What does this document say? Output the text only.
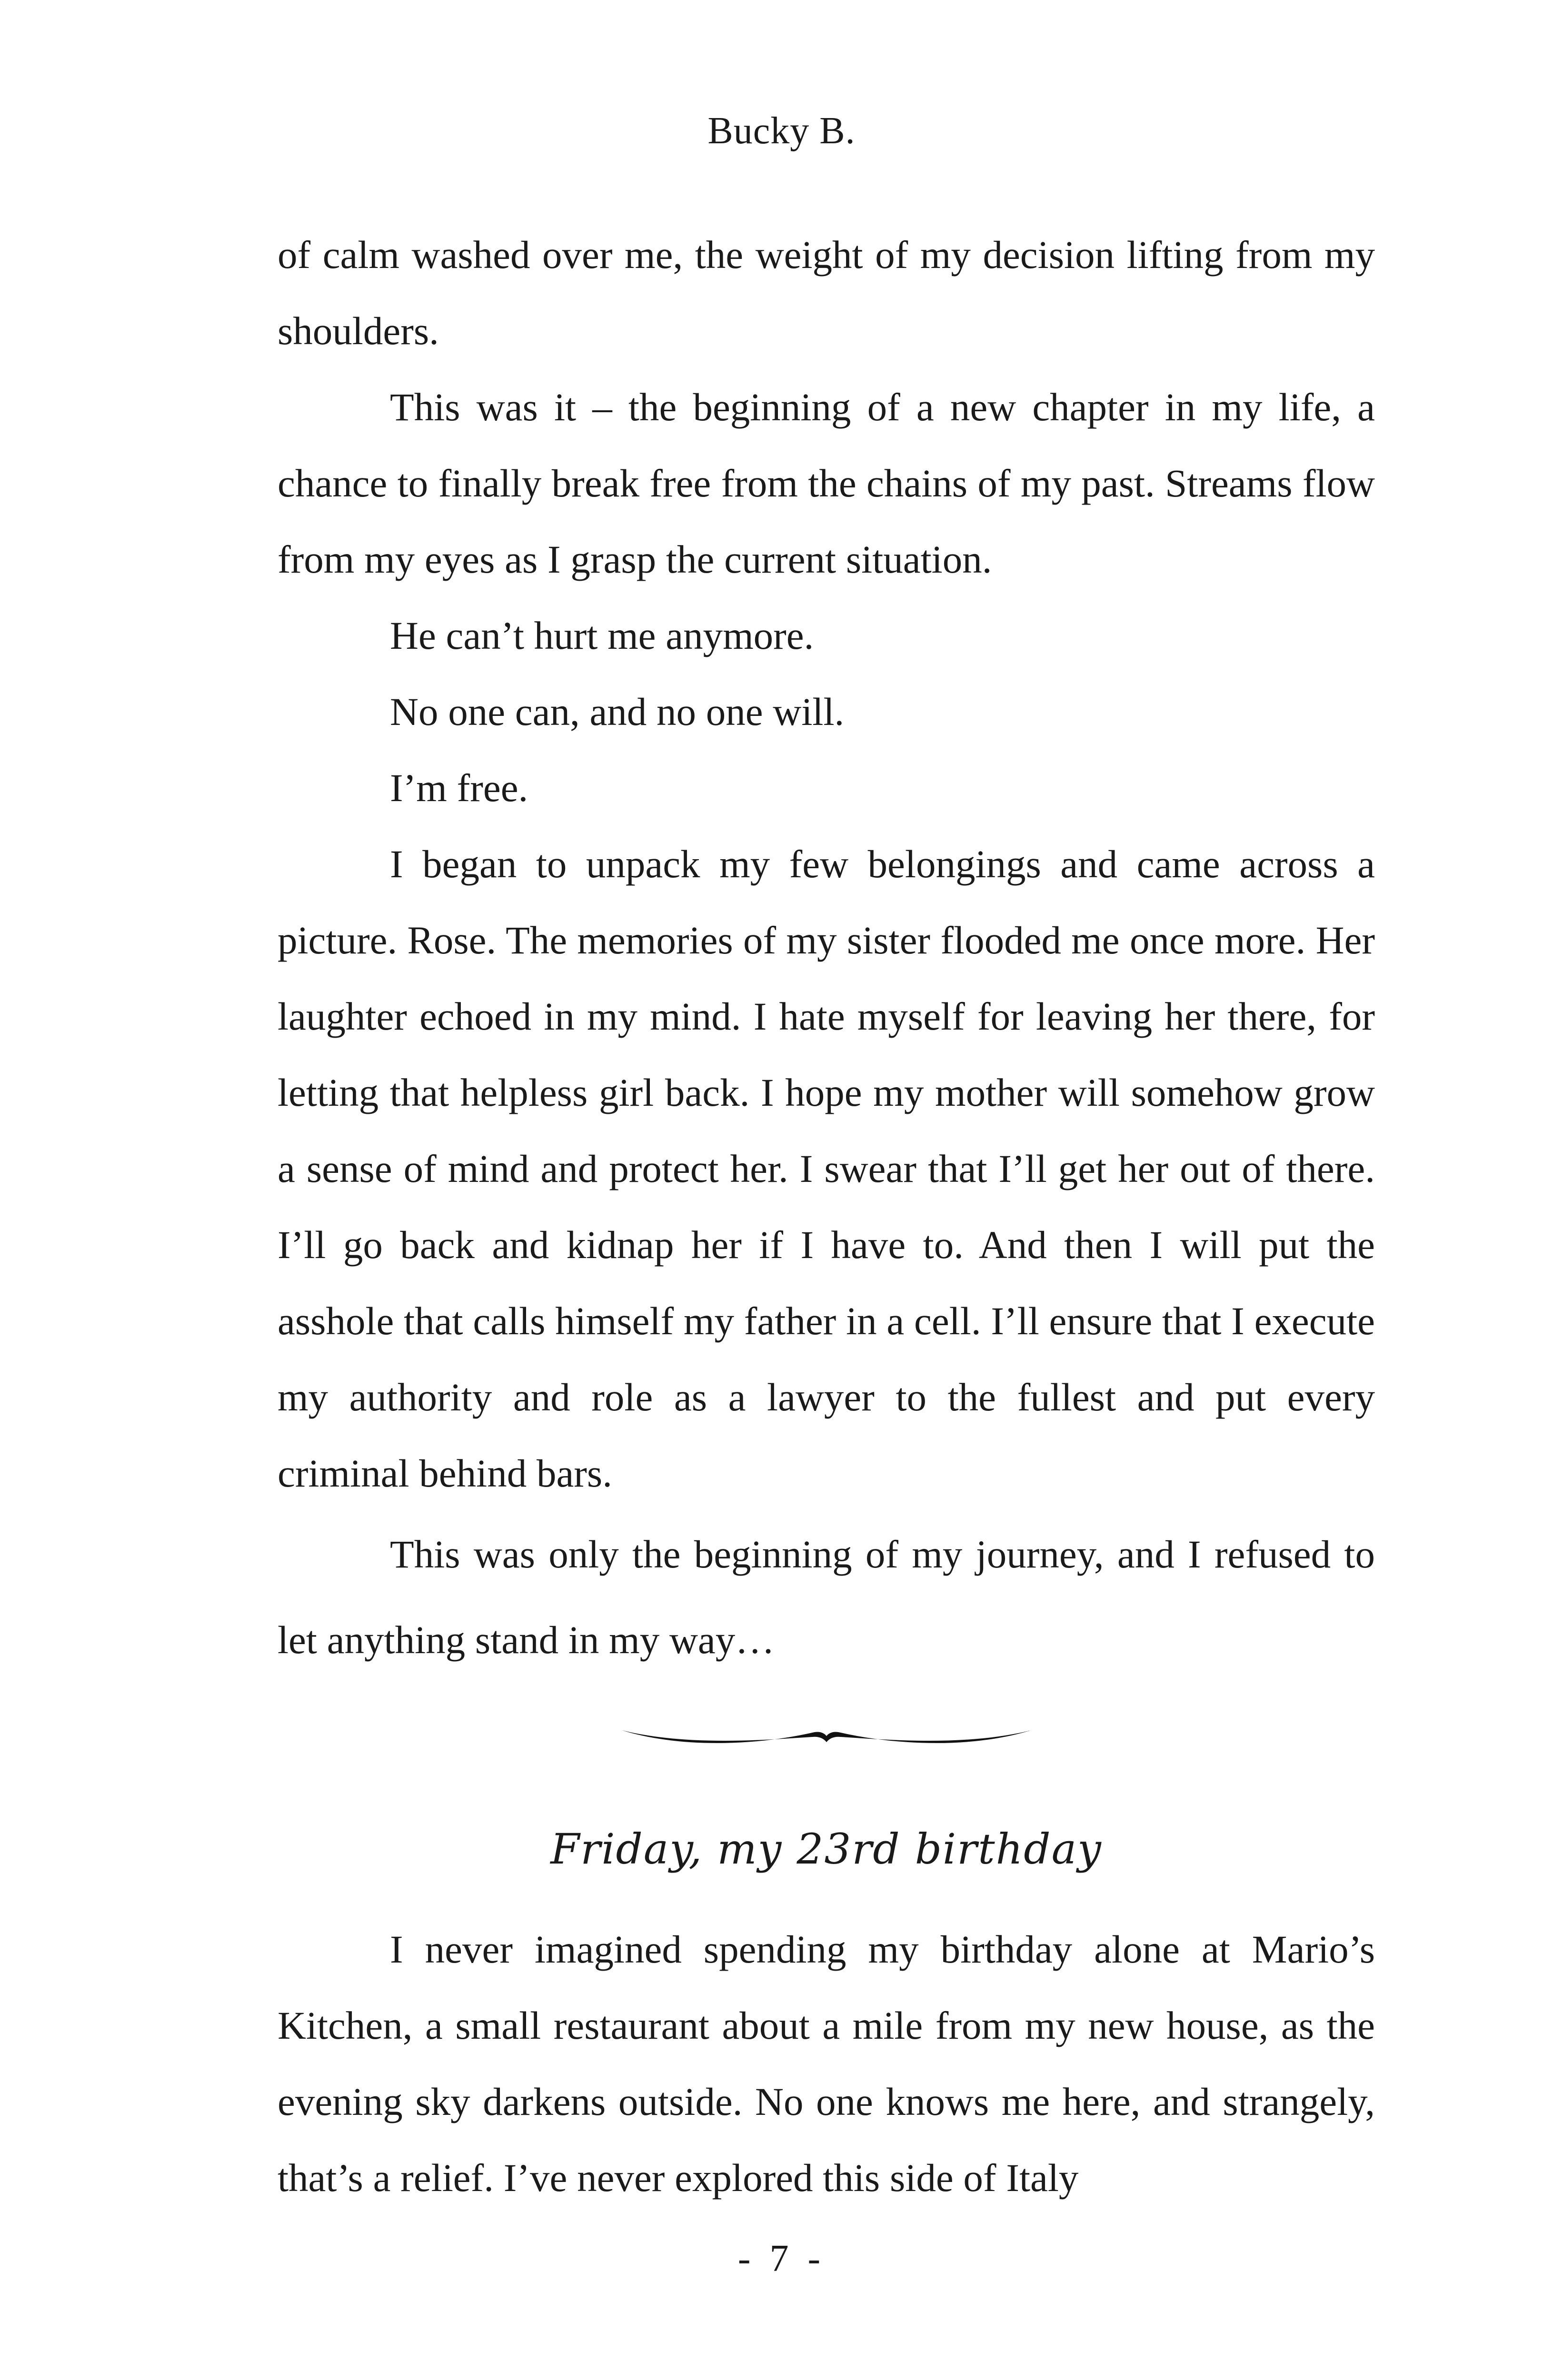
Bucky B.

of calm washed over me, the weight of my decision lifting from my shoulders.

This was it – the beginning of a new chapter in my life, a chance to finally break free from the chains of my past. Streams flow from my eyes as I grasp the current situation.

He can’t hurt me anymore.

No one can, and no one will.

I’m free.

I began to unpack my few belongings and came across a picture. Rose. The memories of my sister flooded me once more. Her laughter echoed in my mind. I hate myself for leaving her there, for letting that helpless girl back. I hope my mother will somehow grow a sense of mind and protect her. I swear that I’ll get her out of there. I’ll go back and kidnap her if I have to. And then I will put the asshole that calls himself my father in a cell. I’ll ensure that I execute my authority and role as a lawyer to the fullest and put every criminal behind bars.

This was only the beginning of my journey, and I refused to let anything stand in my way…

Friday, my 23rd birthday

I never imagined spending my birthday alone at Mario’s Kitchen, a small restaurant about a mile from my new house, as the evening sky darkens outside. No one knows me here, and strangely, that’s a relief. I’ve never explored this side of Italy

- 7 -
